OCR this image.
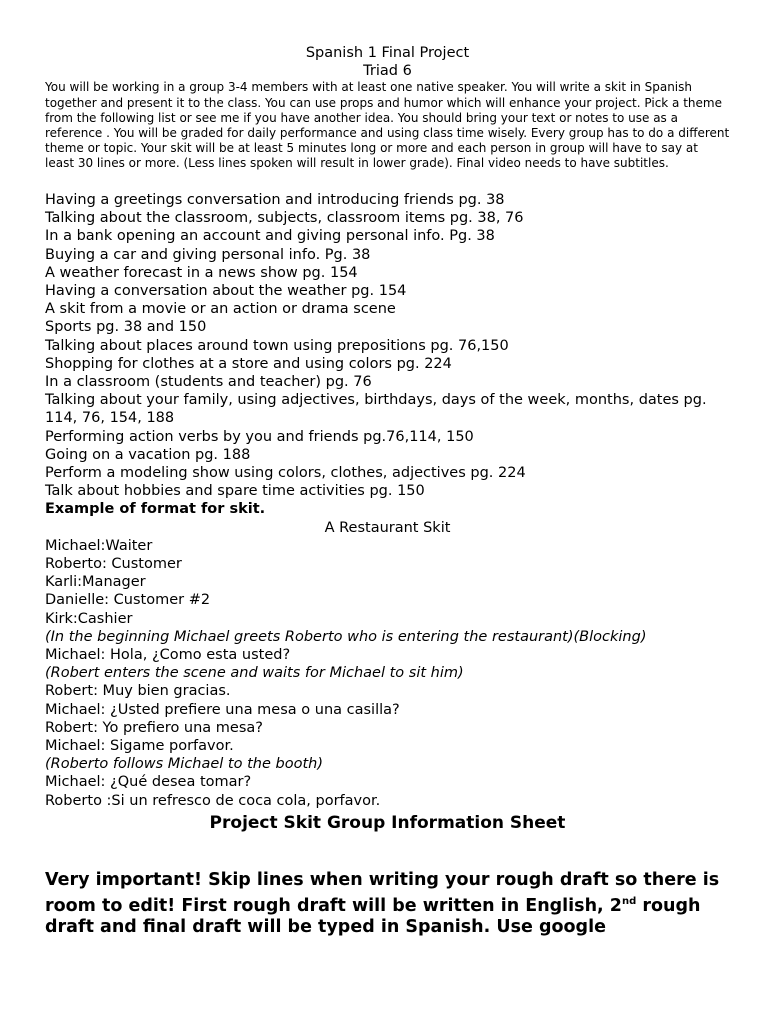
Spanish 1 Final Project
Triad 6

You will be working in a group 3-4 members with at least one native speaker. You will write a skit in Spanish together and present it to the class. You can use props and humor which will enhance your project. Pick a theme from the following list or see me if you have another idea. You should bring your text or notes to use as a reference . You will be graded for daily performance and using class time wisely. Every group has to do a different theme or topic. Your skit will be at least 5 minutes long or more and each person in group will have to say at least 30 lines or more. (Less lines spoken will result in lower grade). Final video needs to have subtitles.

Having a greetings conversation and introducing friends pg. 38
Talking about the classroom, subjects, classroom items pg. 38, 76
In a bank opening an account and giving personal info. Pg. 38
Buying a car and giving personal info. Pg. 38
A weather forecast in a news show pg. 154
Having a conversation about the weather pg. 154
A skit from a movie or an action or drama scene
Sports pg. 38 and 150
Talking about places around town using prepositions pg. 76,150
Shopping for clothes at a store and using colors pg. 224
In a classroom (students and teacher) pg. 76
Talking about your family, using adjectives, birthdays, days of the week, months, dates pg. 114, 76, 154, 188
Performing action verbs by you and friends pg.76,114, 150
Going on a vacation pg. 188
Perform a modeling show using colors, clothes, adjectives pg. 224
Talk about hobbies and spare time activities pg. 150
Example of format for skit.
A Restaurant Skit
Michael:Waiter
Roberto: Customer
Karli:Manager
Danielle: Customer #2
Kirk:Cashier
(In the beginning Michael greets Roberto who is entering the restaurant)(Blocking)
Michael: Hola, ¿Como esta usted?
(Robert enters the scene and waits for Michael to sit him)
Robert: Muy bien gracias.
Michael: ¿Usted prefiere una mesa o una casilla?
Robert: Yo prefiero una mesa?
Michael: Sigame porfavor.
(Roberto follows Michael to the booth)
Michael: ¿Qué desea tomar?
Roberto :Si un refresco de coca cola, porfavor.
Project Skit Group Information Sheet
Very important! Skip lines when writing your rough draft so there is room to edit! First rough draft will be written in English, 2nd rough draft and final draft will be typed in Spanish. Use google
